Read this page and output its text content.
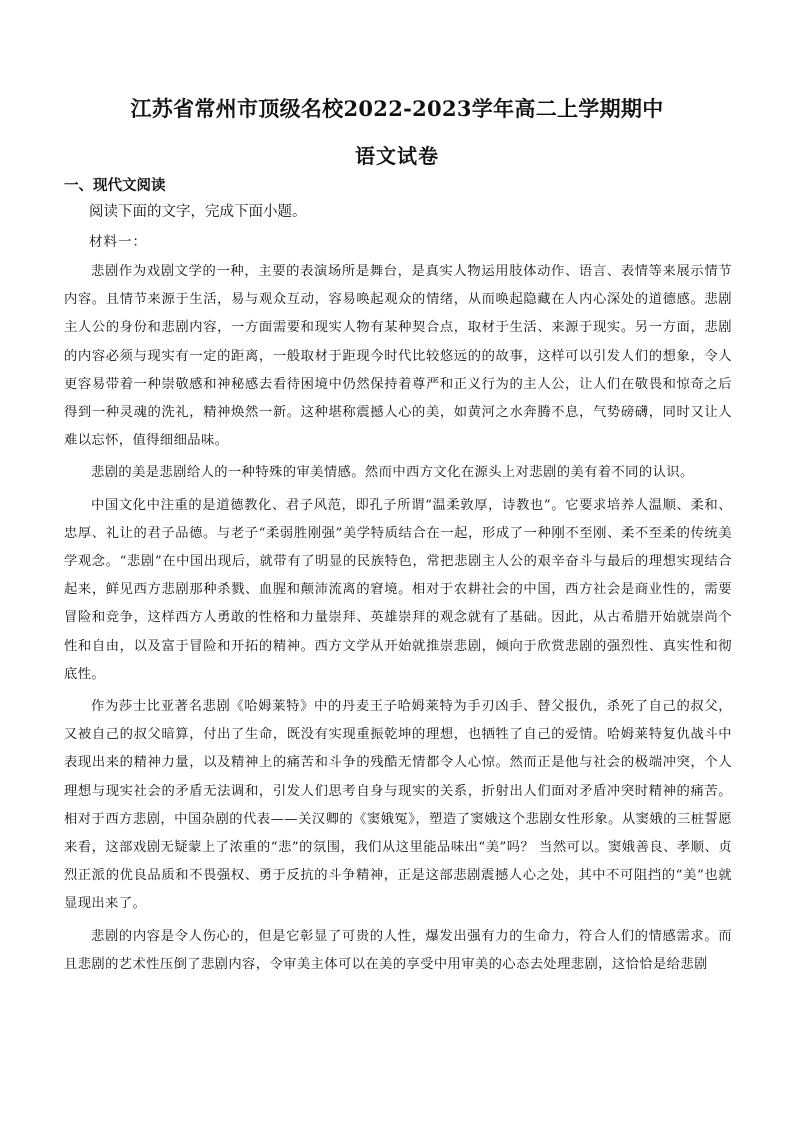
江苏省常州市顶级名校2022-2023学年高二上学期期中
语文试卷
一、现代文阅读
阅读下面的文字，完成下面小题。
材料一：

悲剧作为戏剧文学的一种，主要的表演场所是舞台，是真实人物运用肢体动作、语言、表情等来展示情节内容。且情节来源于生活，易与观众互动，容易唤起观众的情绪，从而唤起隐藏在人内心深处的道德感。悲剧主人公的身份和悲剧内容，一方面需要和现实人物有某种契合点，取材于生活、来源于现实。另一方面，悲剧的内容必须与现实有一定的距离，一般取材于距现今时代比较悠远的的故事，这样可以引发人们的想象，令人更容易带着一种崇敬感和神秘感去看待困境中仍然保持着尊严和正义行为的主人公，让人们在敬畏和惊奇之后得到一种灵魂的洗礼，精神焕然一新。这种堪称震撼人心的美，如黄河之水奔腾不息，气势磅礴，同时又让人难以忘怀，值得细细品味。

悲剧的美是悲剧给人的一种特殊的审美情感。然而中西方文化在源头上对悲剧的美有着不同的认识。

中国文化中注重的是道德教化、君子风范，即孔子所谓“温柔敦厚，诗教也”。它要求培养人温顺、柔和、忠厚、礼让的君子品德。与老子“柔弱胜刚强”美学特质结合在一起，形成了一种刚不至刚、柔不至柔的传统美学观念。“悲剧”在中国出现后，就带有了明显的民族特色，常把悲剧主人公的艰辛奋斗与最后的理想实现结合起来，鲜见西方悲剧那种杀戮、血腥和颠沛流离的窘境。相对于农耕社会的中国，西方社会是商业性的，需要冒险和竞争，这样西方人勇敢的性格和力量崇拜、英雄崇拜的观念就有了基础。因此，从古希腊开始就崇尚个性和自由，以及富于冒险和开拓的精神。西方文学从开始就推崇悲剧，倾向于欣赏悲剧的强烈性、真实性和彻底性。

作为莎士比亚著名悲剧《哈姆莱特》中的丹麦王子哈姆莱特为手刃凶手、替父报仇，杀死了自己的叔父，又被自己的叔父暗算，付出了生命，既没有实现重振乾坤的理想，也牺牲了自己的爱情。哈姆莱特复仇战斗中表现出来的精神力量，以及精神上的痛苦和斗争的残酷无情都令人心惊。然而正是他与社会的极端冲突，个人理想与现实社会的矛盾无法调和，引发人们思考自身与现实的关系，折射出人们面对矛盾冲突时精神的痛苦。相对于西方悲剧，中国杂剧的代表——关汉卿的《窦娥冤》，塑造了窦娥这个悲剧女性形象。从窦娥的三桩誓愿来看，这部戏剧无疑蒙上了浓重的“悲”的氛围，我们从这里能品味出“美”吗？ 当然可以。窦娥善良、孝顺、贞烈正派的优良品质和不畏强权、勇于反抗的斗争精神，正是这部悲剧震撼人心之处，其中不可阻挡的“美”也就显现出来了。

悲剧的内容是令人伤心的，但是它彰显了可贵的人性，爆发出强有力的生命力，符合人们的情感需求。而且悲剧的艺术性压倒了悲剧内容，令审美主体可以在美的享受中用审美的心态去处理悲剧，这恰恰是给悲剧
